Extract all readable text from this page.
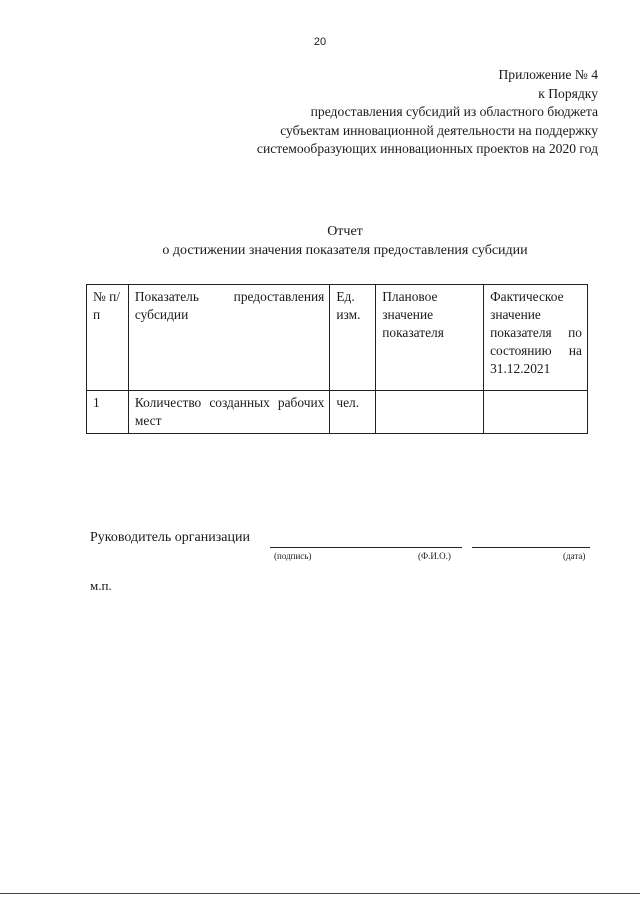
20
Приложение № 4
к Порядку
предоставления субсидий из областного бюджета
субъектам инновационной деятельности на поддержку
системообразующих инновационных проектов на 2020 год
Отчет
о достижении значения показателя предоставления субсидии
№ п/п	Показатель предоставления субсидии	Ед. изм.	Плановое значение показателя	Фактическое значение показателя по состоянию на 31.12.2021
1	Количество созданных рабочих мест	чел.		
Руководитель организации
(подпись)	(Ф.И.О.)	(дата)
м.п.
